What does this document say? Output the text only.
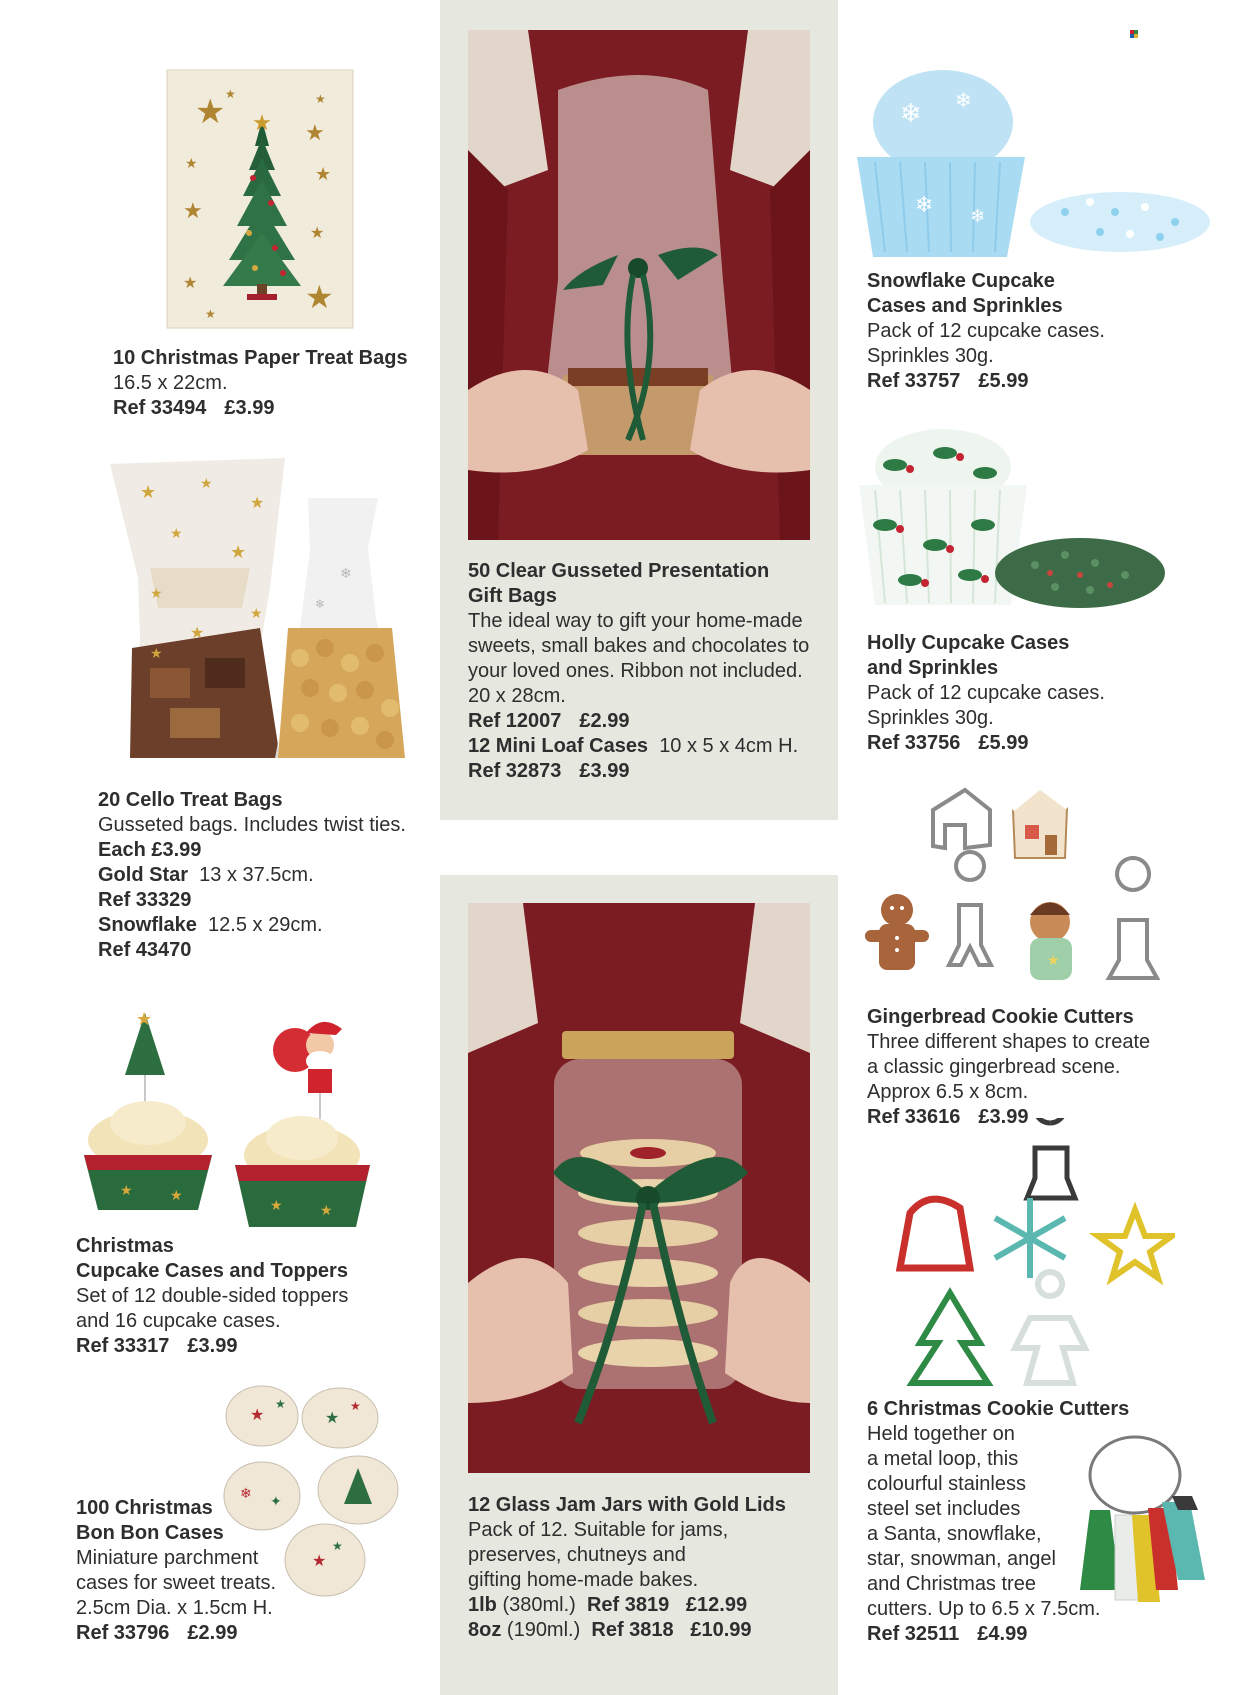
★
★
★
★
★
★
★
★	★
★
★	★
10 Christmas Paper Treat Bags
16.5 x 22cm.
Ref 33494 £3.99
★	★
★
★
★
★
★
★
★
❄
❄
20 Cello Treat Bags
Gusseted bags. Includes twist ties.
Each £3.99
Gold Star 13 x 37.5cm.
Ref 33329
Snowflake 12.5 x 29cm.
Ref 43470
★
★	★
★	★
Christmas
Cupcake Cases and Toppers
Set of 12 double-sided toppers
and 16 cupcake cases.
Ref 33317 £3.99
★
★
★
★
❄ ✦
★
★
100 Christmas
Bon Bon Cases
Miniature parchment
cases for sweet treats.
2.5cm Dia. x 1.5cm H.
Ref 33796 £2.99
50 Clear Gusseted Presentation
Gift Bags
The ideal way to gift your home-made
sweets, small bakes and chocolates to
your loved ones. Ribbon not included.
20 x 28cm.
Ref 12007 £2.99
12 Mini Loaf Cases 10 x 5 x 4cm H.
Ref 32873 £3.99
12 Glass Jam Jars with Gold Lids
Pack of 12. Suitable for jams,
preserves, chutneys and
gifting home-made bakes.
1lb (380ml.) Ref 3819 £12.99
8oz (190ml.) Ref 3818 £10.99
❄ ❄
❄ ❄
Snowflake Cupcake
Cases and Sprinkles
Pack of 12 cupcake cases.
Sprinkles 30g.
Ref 33757 £5.99
Holly Cupcake Cases
and Sprinkles
Pack of 12 cupcake cases.
Sprinkles 30g.
Ref 33756 £5.99
★
Gingerbread Cookie Cutters
Three different shapes to create
a classic gingerbread scene.
Approx 6.5 x 8cm.
Ref 33616 £3.99
6 Christmas Cookie Cutters
Held together on
a metal loop, this
colourful stainless
steel set includes
a Santa, snowflake,
star, snowman, angel
and Christmas tree
cutters. Up to 6.5 x 7.5cm.
Ref 32511 £4.99
